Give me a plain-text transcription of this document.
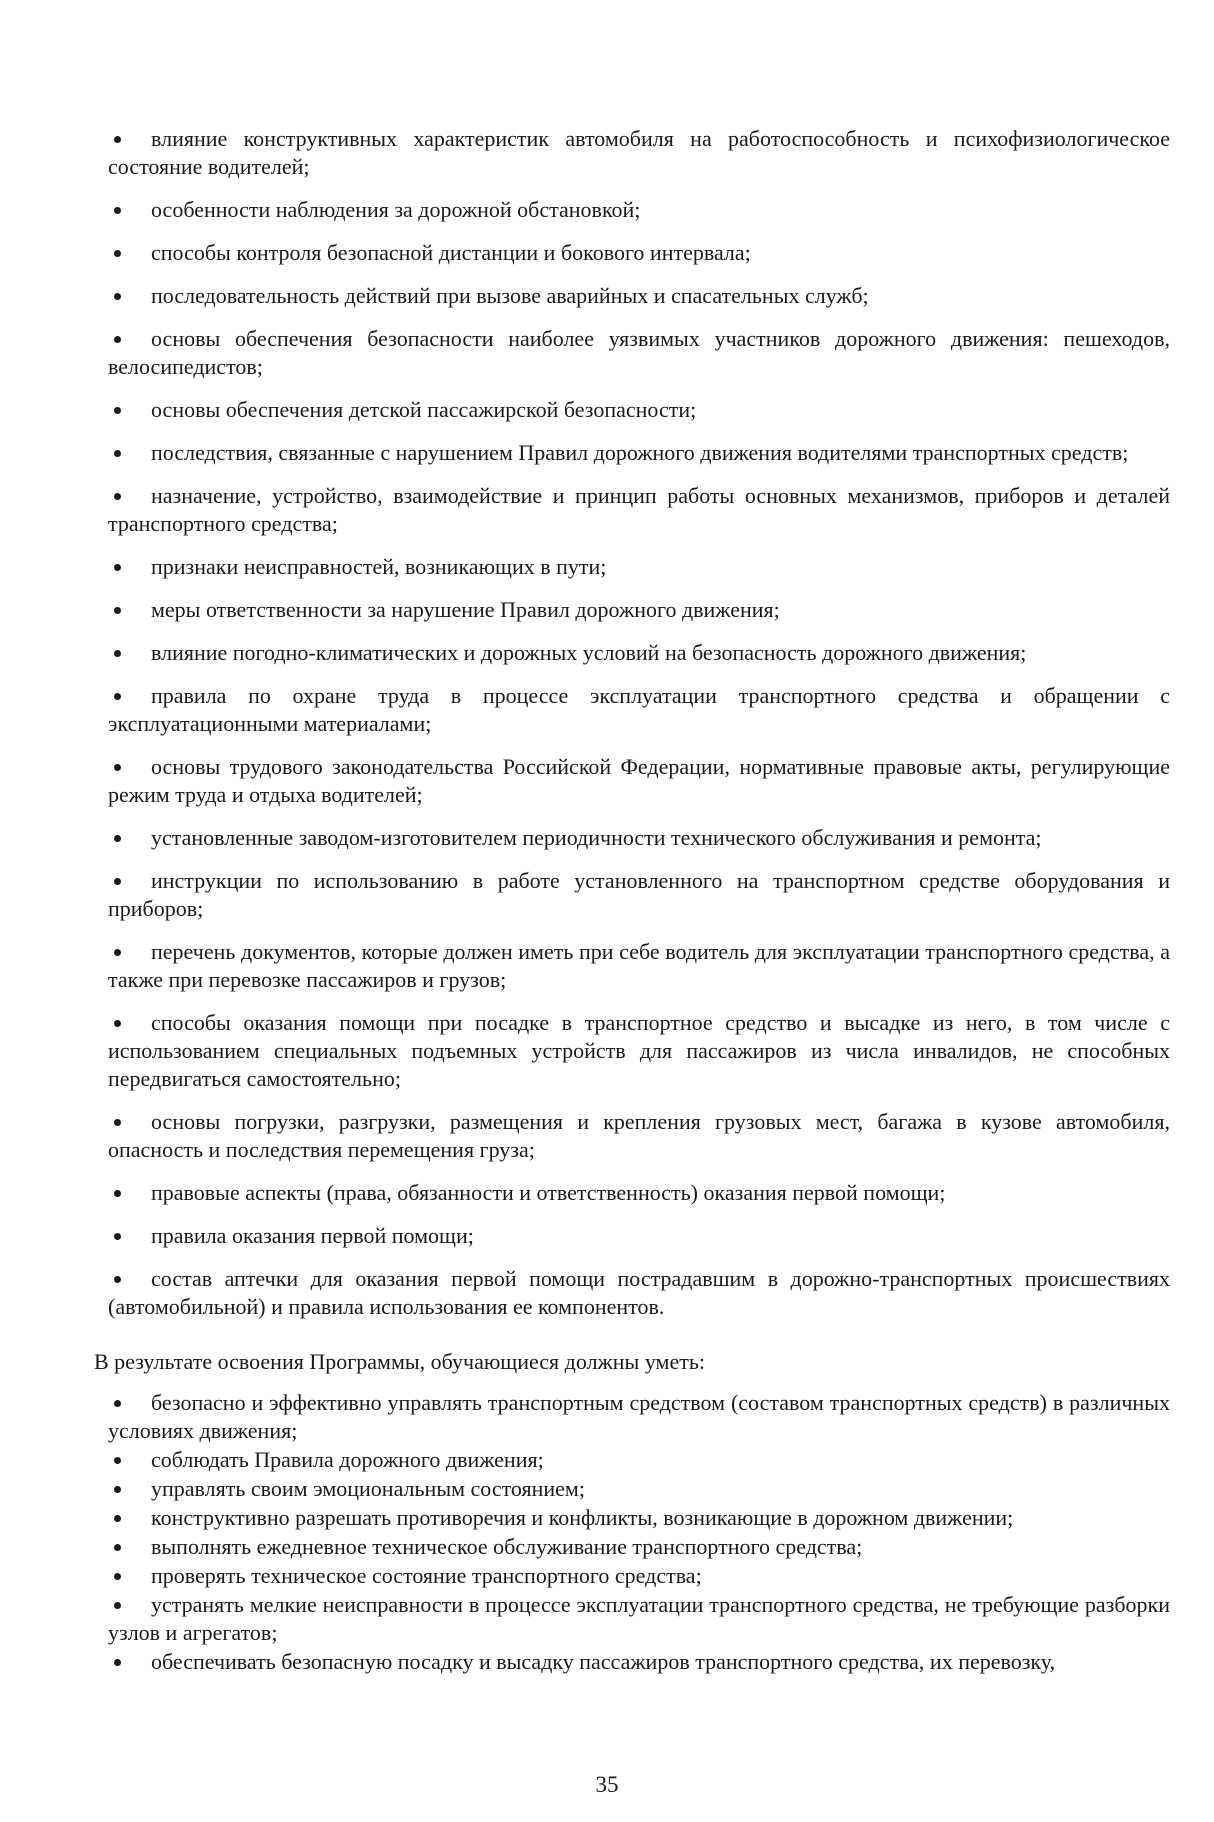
влияние конструктивных характеристик автомобиля на работоспособность и психофизиологическое состояние водителей;
особенности наблюдения за дорожной обстановкой;
способы контроля безопасной дистанции и бокового интервала;
последовательность действий при вызове аварийных и спасательных служб;
основы обеспечения безопасности наиболее уязвимых участников дорожного движения: пешеходов, велосипедистов;
основы обеспечения детской пассажирской безопасности;
последствия, связанные с нарушением Правил дорожного движения водителями транспортных средств;
назначение, устройство, взаимодействие и принцип работы основных механизмов, приборов и деталей транспортного средства;
признаки неисправностей, возникающих в пути;
меры ответственности за нарушение Правил дорожного движения;
влияние погодно-климатических и дорожных условий на безопасность дорожного движения;
правила по охране труда в процессе эксплуатации транспортного средства и обращении с эксплуатационными материалами;
основы трудового законодательства Российской Федерации, нормативные правовые акты, регулирующие режим труда и отдыха водителей;
установленные заводом-изготовителем периодичности технического обслуживания и ремонта;
инструкции по использованию в работе установленного на транспортном средстве оборудования и приборов;
перечень документов, которые должен иметь при себе водитель для эксплуатации транспортного средства, а также при перевозке пассажиров и грузов;
способы оказания помощи при посадке в транспортное средство и высадке из него, в том числе с использованием специальных подъемных устройств для пассажиров из числа инвалидов, не способных передвигаться самостоятельно;
основы погрузки, разгрузки, размещения и крепления грузовых мест, багажа в кузове автомобиля, опасность и последствия перемещения груза;
правовые аспекты (права, обязанности и ответственность) оказания первой помощи;
правила оказания первой помощи;
состав аптечки для оказания первой помощи пострадавшим в дорожно-транспортных происшествиях (автомобильной) и правила использования ее компонентов.

В результате освоения Программы, обучающиеся должны уметь:

безопасно и эффективно управлять транспортным средством (составом транспортных средств) в различных условиях движения;
соблюдать Правила дорожного движения;
управлять своим эмоциональным состоянием;
конструктивно разрешать противоречия и конфликты, возникающие в дорожном движении;
выполнять ежедневное техническое обслуживание транспортного средства;
проверять техническое состояние транспортного средства;
устранять мелкие неисправности в процессе эксплуатации транспортного средства, не требующие разборки узлов и агрегатов;
обеспечивать безопасную посадку и высадку пассажиров транспортного средства, их перевозку,
35
